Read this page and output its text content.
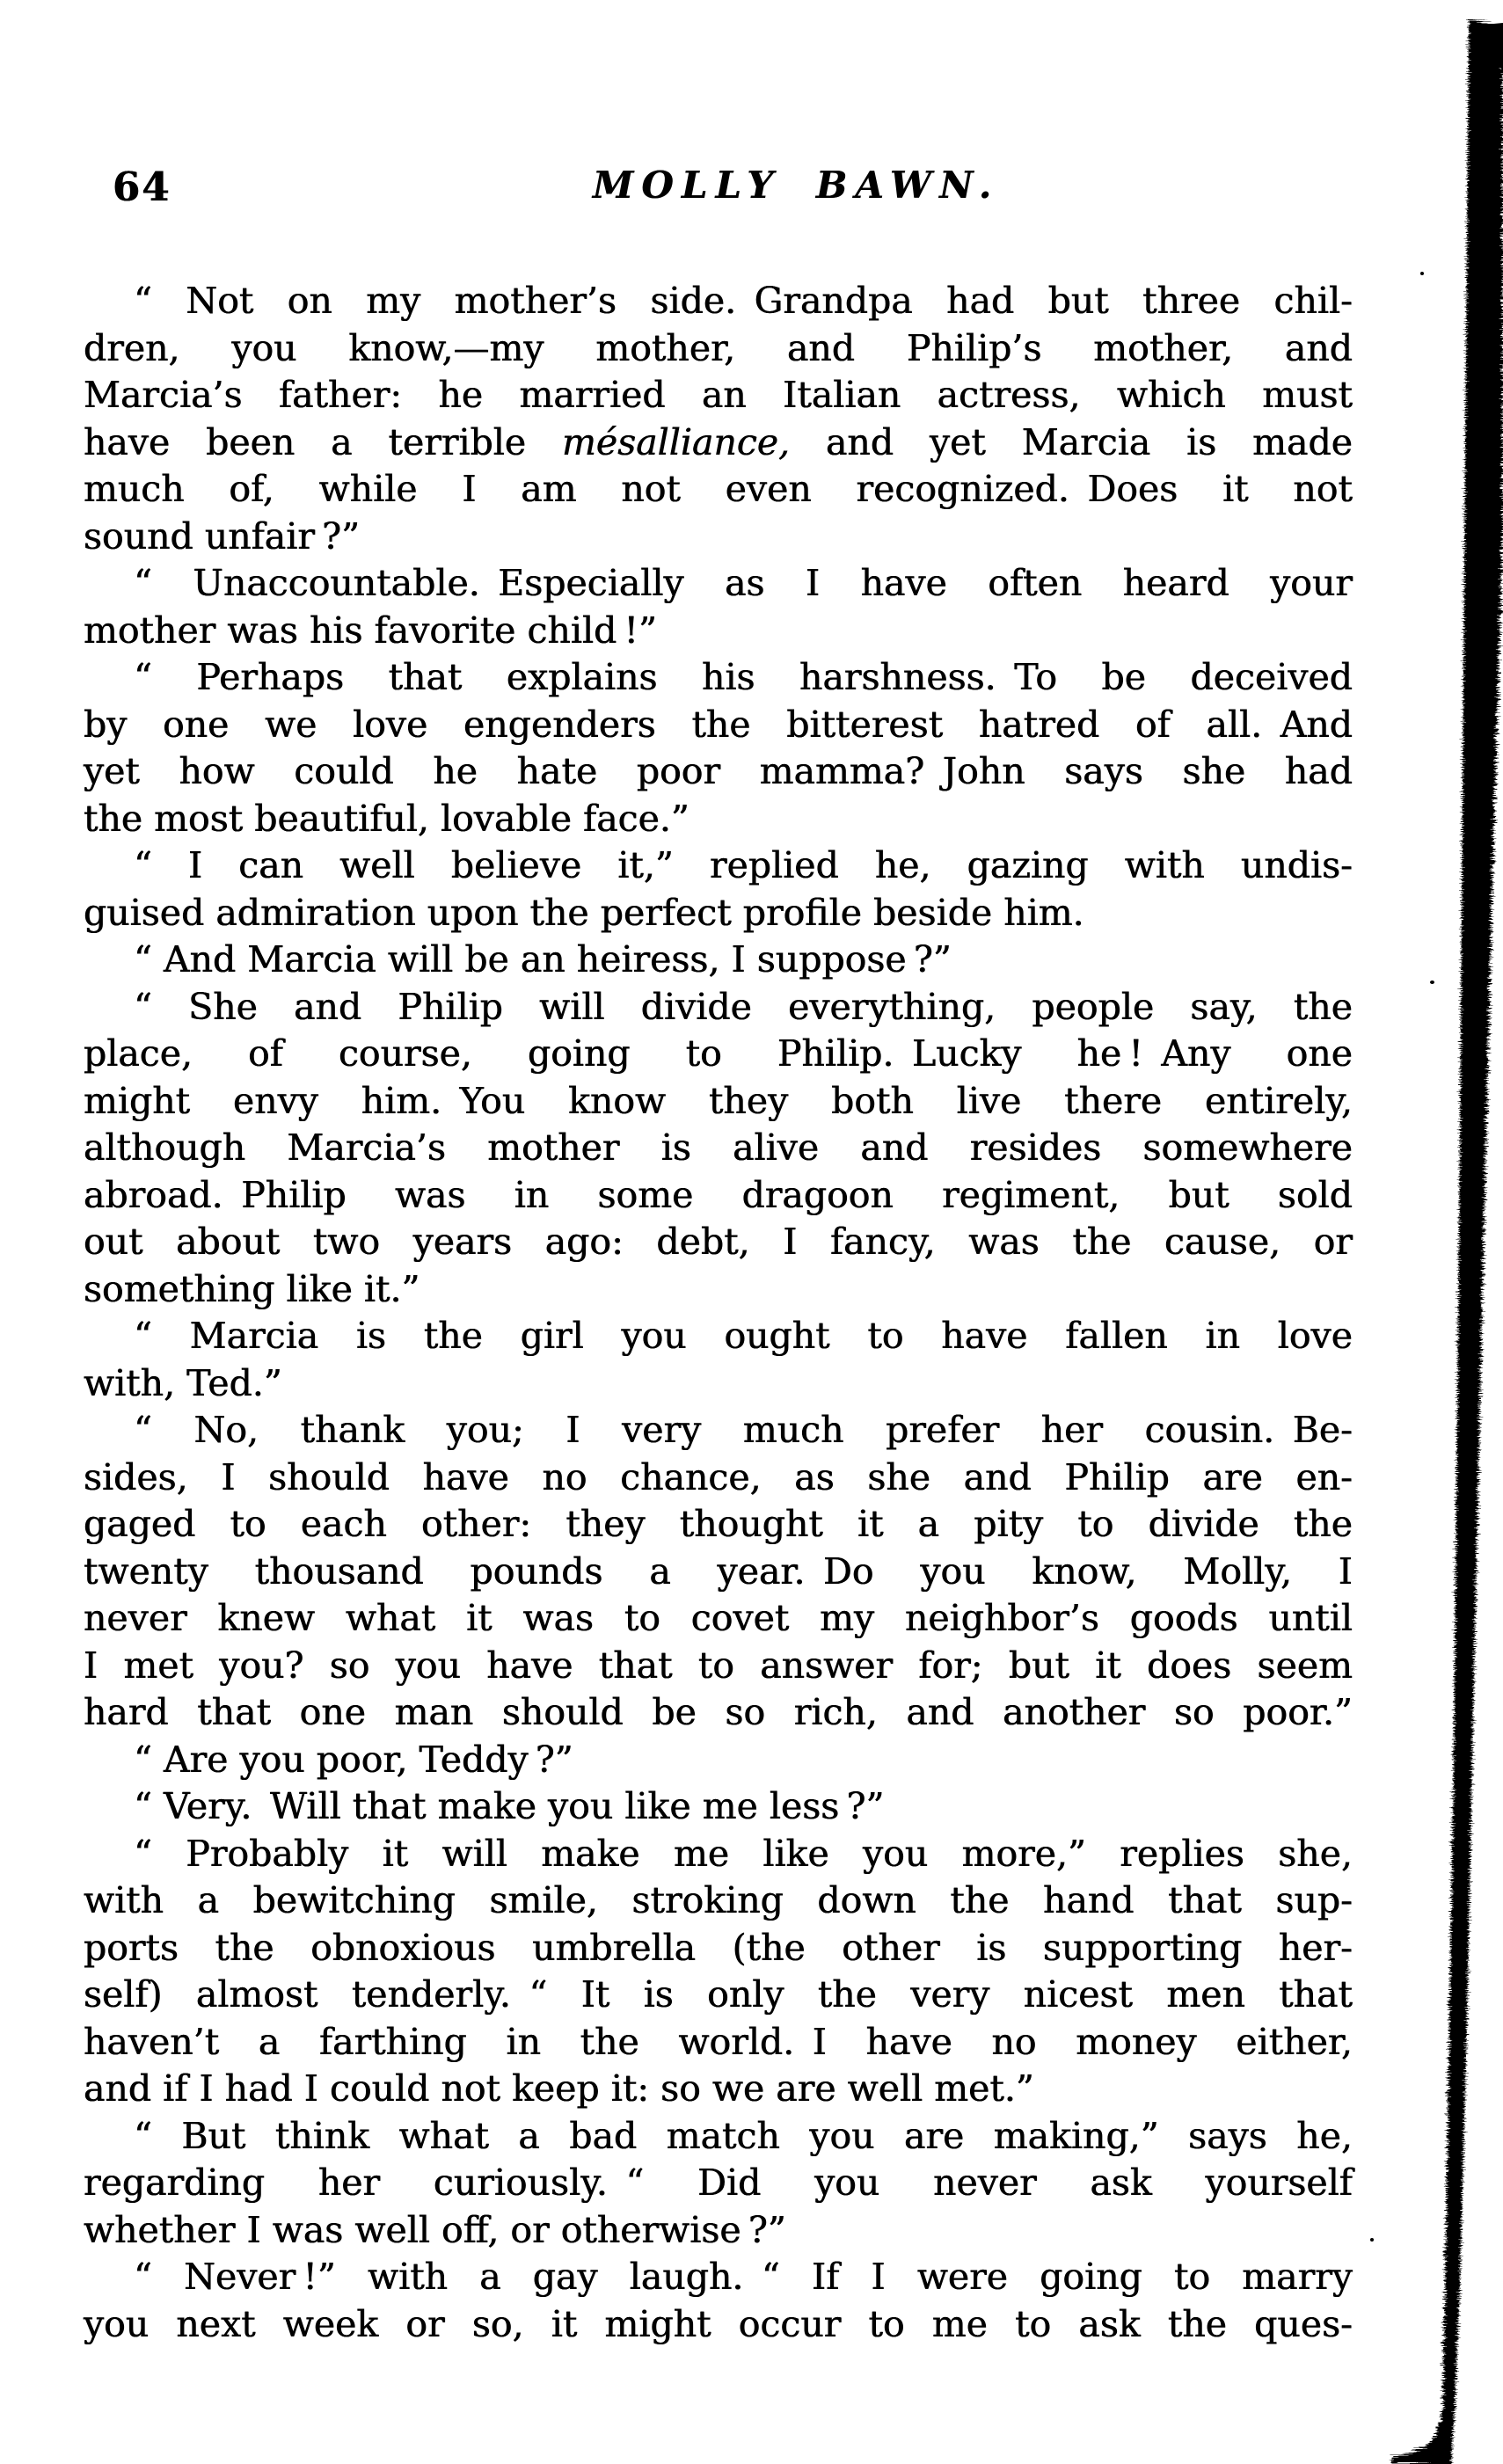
64	MOLLY BAWN.
“ Not on my mother’s side. Grandpa had but three chil-
dren, you know,—my mother, and Philip’s mother, and
Marcia’s father: he married an Italian actress, which must
have been a terrible mésalliance, and yet Marcia is made
much of, while I am not even recognized. Does it not
sound unfair ?”
“ Unaccountable. Especially as I have often heard your
mother was his favorite child !”
“ Perhaps that explains his harshness. To be deceived
by one we love engenders the bitterest hatred of all. And
yet how could he hate poor mamma? John says she had
the most beautiful, lovable face.”
“ I can well believe it,” replied he, gazing with undis-
guised admiration upon the perfect profile beside him.
“ And Marcia will be an heiress, I suppose ?”
“ She and Philip will divide everything, people say, the
place, of course, going to Philip. Lucky he ! Any one
might envy him. You know they both live there entirely,
although Marcia’s mother is alive and resides somewhere
abroad. Philip was in some dragoon regiment, but sold
out about two years ago: debt, I fancy, was the cause, or
something like it.”
“ Marcia is the girl you ought to have fallen in love
with, Ted.”
“ No, thank you; I very much prefer her cousin. Be-
sides, I should have no chance, as she and Philip are en-
gaged to each other: they thought it a pity to divide the
twenty thousand pounds a year. Do you know, Molly, I
never knew what it was to covet my neighbor’s goods until
I met you? so you have that to answer for; but it does seem
hard that one man should be so rich, and another so poor.”
“ Are you poor, Teddy ?”
“ Very. Will that make you like me less ?”
“ Probably it will make me like you more,” replies she,
with a bewitching smile, stroking down the hand that sup-
ports the obnoxious umbrella (the other is supporting her-
self) almost tenderly. “ It is only the very nicest men that
haven’t a farthing in the world. I have no money either,
and if I had I could not keep it: so we are well met.”
“ But think what a bad match you are making,” says he,
regarding her curiously. “ Did you never ask yourself
whether I was well off, or otherwise ?”
“ Never !” with a gay laugh. “ If I were going to marry
you next week or so, it might occur to me to ask the ques-
